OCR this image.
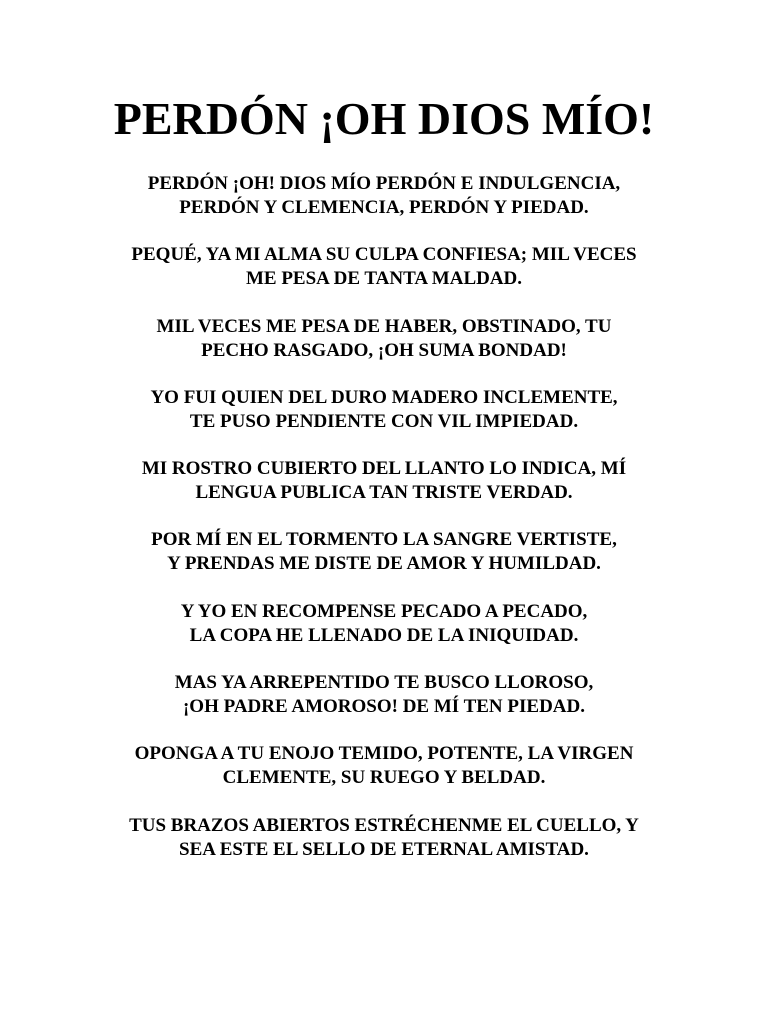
PERDÓN ¡OH DIOS MÍO!
PERDÓN ¡OH! DIOS MÍO PERDÓN E INDULGENCIA,
PERDÓN Y CLEMENCIA, PERDÓN Y PIEDAD.
PEQUÉ, YA MI ALMA SU CULPA CONFIESA; MIL VECES
ME PESA DE TANTA MALDAD.
MIL VECES ME PESA DE HABER, OBSTINADO, TU
PECHO RASGADO, ¡OH SUMA BONDAD!
YO FUI QUIEN DEL DURO MADERO INCLEMENTE,
TE PUSO PENDIENTE CON VIL IMPIEDAD.
MI ROSTRO CUBIERTO DEL LLANTO LO INDICA, MÍ
LENGUA PUBLICA TAN TRISTE VERDAD.
POR MÍ EN EL TORMENTO LA SANGRE VERTISTE,
Y PRENDAS ME DISTE DE AMOR Y HUMILDAD.
Y YO EN RECOMPENSE PECADO A PECADO,
LA COPA HE LLENADO DE LA INIQUIDAD.
MAS YA ARREPENTIDO TE BUSCO LLOROSO,
¡OH PADRE AMOROSO! DE MÍ TEN PIEDAD.
OPONGA A TU ENOJO TEMIDO, POTENTE, LA VIRGEN
CLEMENTE, SU RUEGO Y BELDAD.
TUS BRAZOS ABIERTOS ESTRÉCHENME EL CUELLO, Y
SEA ESTE EL SELLO DE ETERNAL AMISTAD.
